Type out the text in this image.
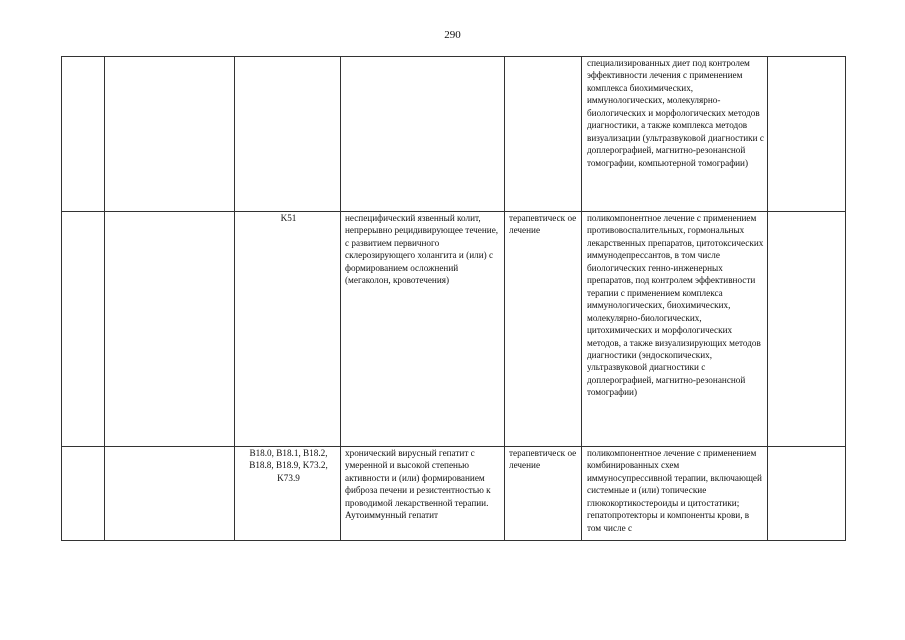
290
					специализированных диет под контролем эффективности лечения с применением комплекса биохимических, иммунологических, молекулярно-биологических и морфологических методов диагностики, а также комплекса методов визуализации (ультразвуковой диагностики с доплерографией, магнитно-резонансной томографии, компьютерной томографии)	
		K51	неспецифический язвенный колит, непрерывно рецидивирующее течение, с развитием первичного склерозирующего холангита и (или) с формированием осложнений (мегаколон, кровотечения)	терапевтическ ое лечение	поликомпонентное лечение с применением противовоспалительных, гормональных лекарственных препаратов, цитотоксических иммунодепрессантов, в том числе биологических генно-инженерных препаратов, под контролем эффективности терапии с применением комплекса иммунологических, биохимических, молекулярно-биологических, цитохимических и морфологических методов, а также визуализирующих методов диагностики (эндоскопических, ультразвуковой диагностики с доплерографией, магнитно-резонансной томографии)	
		B18.0, B18.1, B18.2, B18.8, B18.9, K73.2, K73.9	хронический вирусный гепатит с умеренной и высокой степенью активности и (или) формированием фиброза печени и резистентностью к проводимой лекарственной терапии. Аутоиммунный гепатит	терапевтическ ое лечение	поликомпонентное лечение с применением комбинированных схем иммуносупрессивной терапии, включающей системные и (или) топические глюкокортикостероиды и цитостатики; гепатопротекторы и компоненты крови, в том числе с	
